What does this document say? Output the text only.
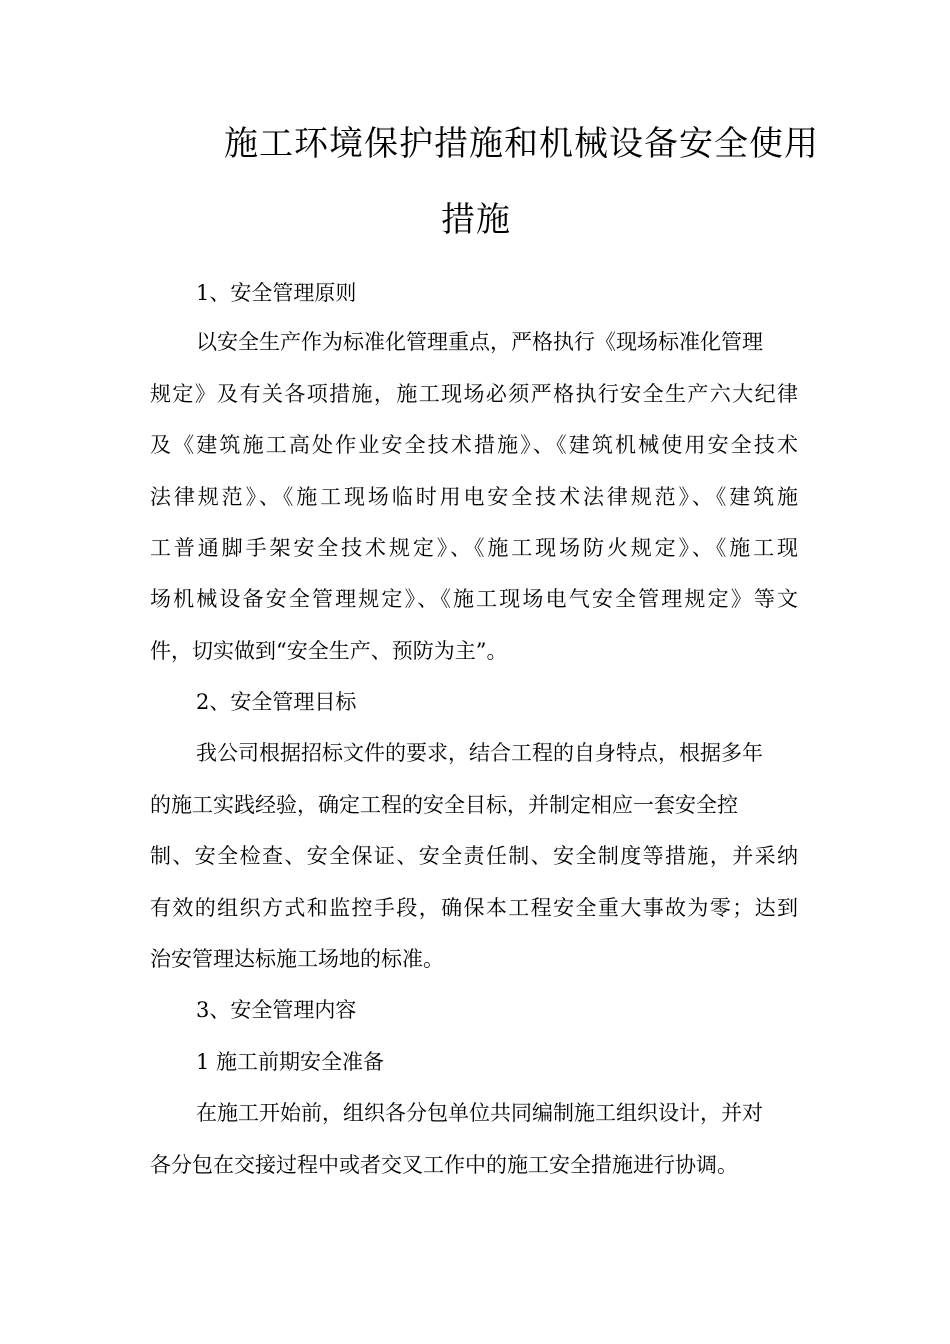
施工环境保护措施和机械设备安全使用
措施
1、安全管理原则
以安全生产作为标准化管理重点，严格执行《现场标准化管理
规定》及有关各项措施，施工现场必须严格执行安全生产六大纪律
及《建筑施工高处作业安全技术措施》、《建筑机械使用安全技术
法律规范》、《施工现场临时用电安全技术法律规范》、《建筑施
工普通脚手架安全技术规定》、《施工现场防火规定》、《施工现
场机械设备安全管理规定》、《施工现场电气安全管理规定》等文
件，切实做到“安全生产、预防为主”。
2、安全管理目标
我公司根据招标文件的要求，结合工程的自身特点，根据多年
的施工实践经验，确定工程的安全目标，并制定相应一套安全控
制、安全检查、安全保证、安全责任制、安全制度等措施，并采纳
有效的组织方式和监控手段，确保本工程安全重大事故为零；达到
治安管理达标施工场地的标准。
3、安全管理内容
1 施工前期安全准备
在施工开始前，组织各分包单位共同编制施工组织设计，并对
各分包在交接过程中或者交叉工作中的施工安全措施进行协调。
